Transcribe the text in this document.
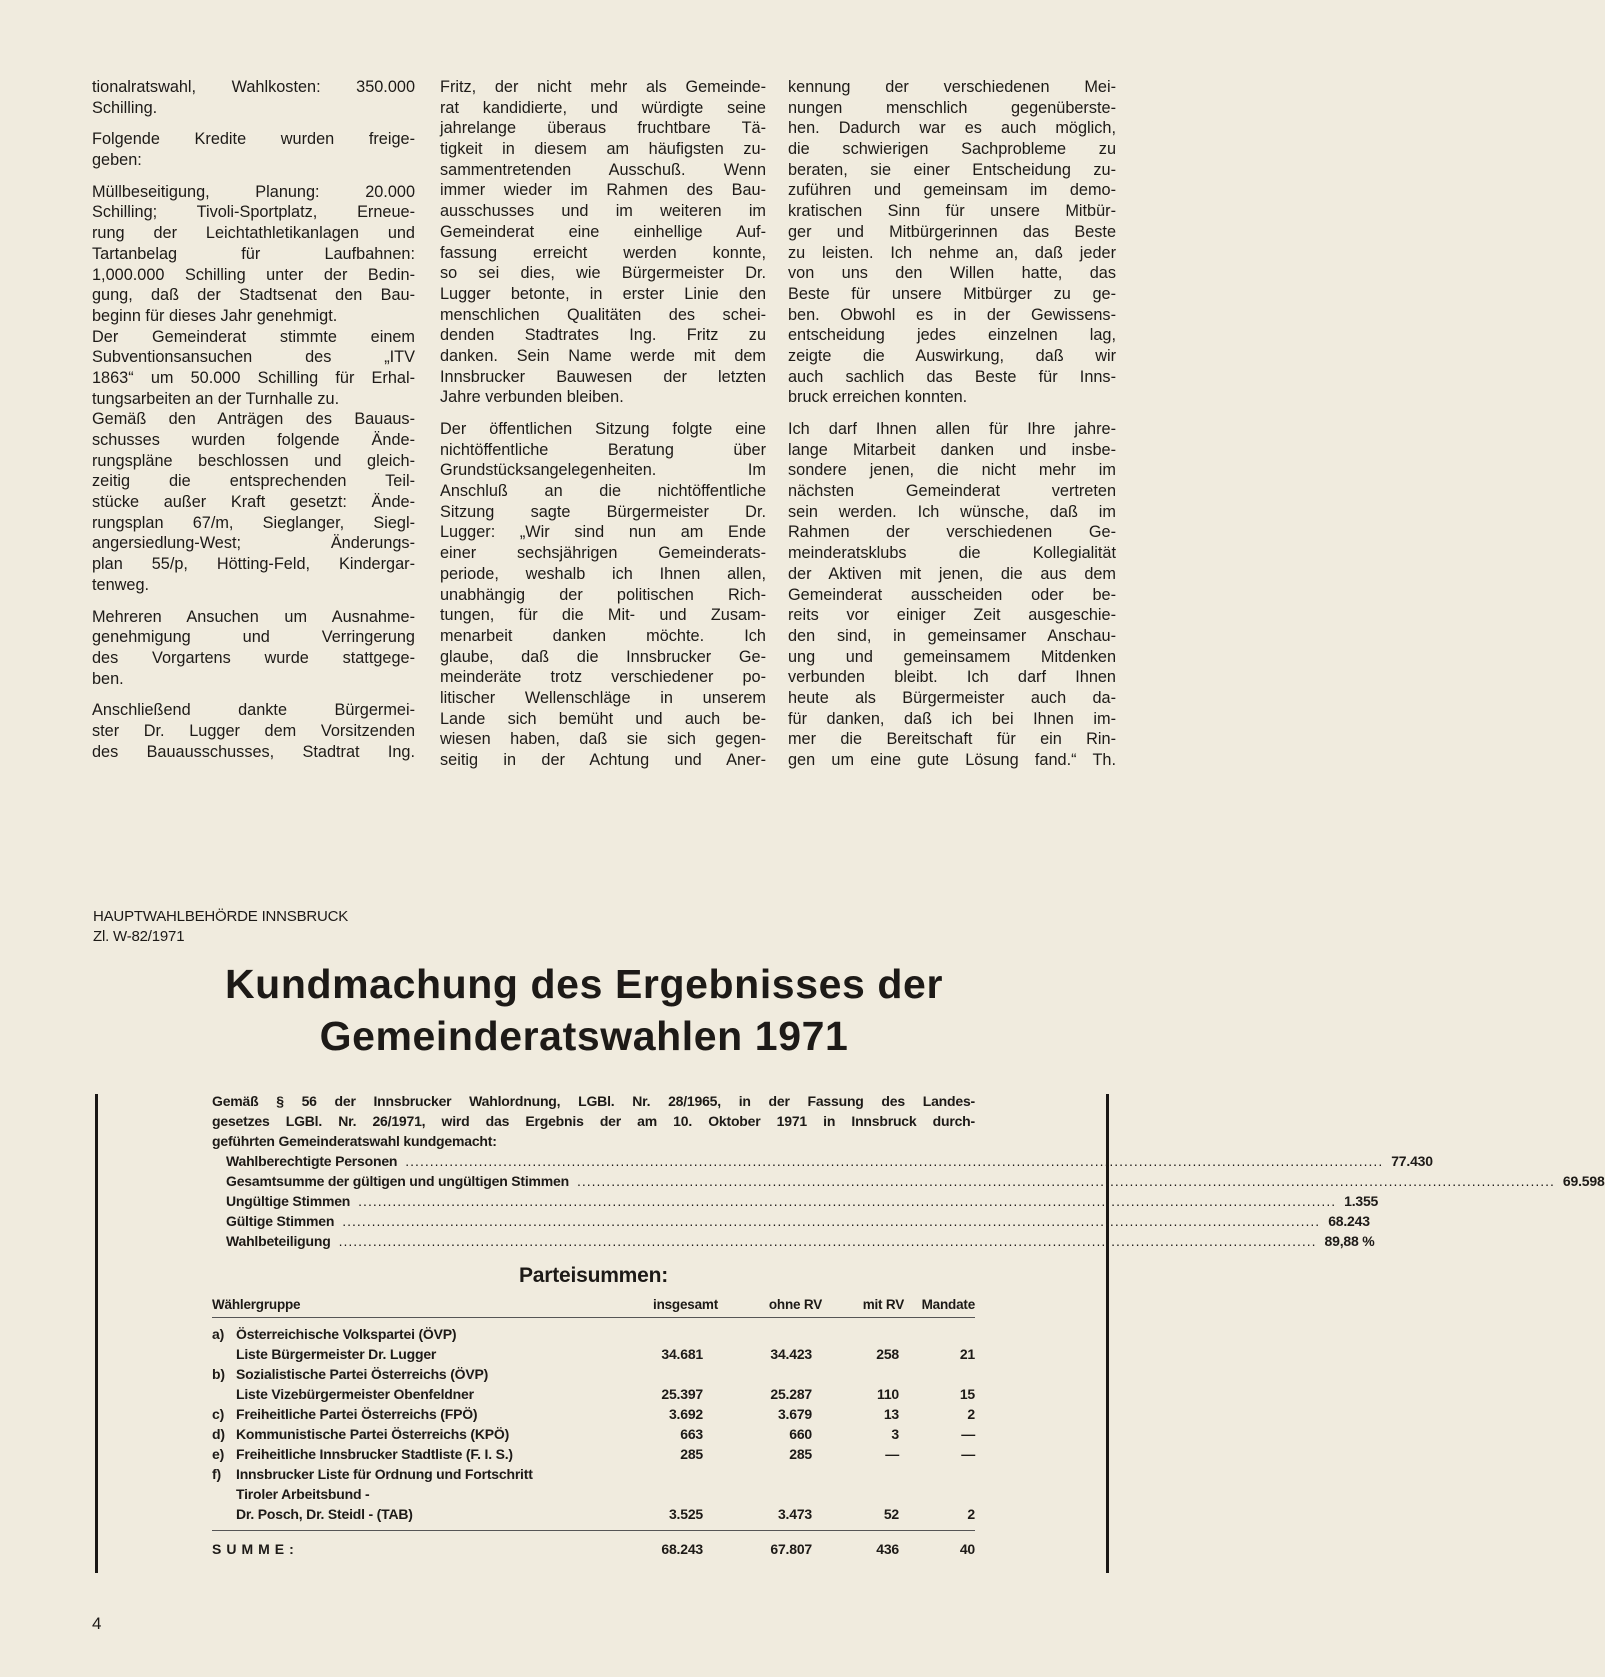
tionalratswahl, Wahlkosten: 350.000
Schilling.
Folgende Kredite wurden freige-
geben:
Müllbeseitigung, Planung: 20.000
Schilling; Tivoli-Sportplatz, Erneue-
rung der Leichtathletikanlagen und
Tartanbelag für Laufbahnen:
1,000.000 Schilling unter der Bedin-
gung, daß der Stadtsenat den Bau-
beginn für dieses Jahr genehmigt.
Der Gemeinderat stimmte einem
Subventionsansuchen des „ITV
1863“ um 50.000 Schilling für Erhal-
tungsarbeiten an der Turnhalle zu.
Gemäß den Anträgen des Bauaus-
schusses wurden folgende Ände-
rungspläne beschlossen und gleich-
zeitig die entsprechenden Teil-
stücke außer Kraft gesetzt: Ände-
rungsplan 67/m, Sieglanger, Siegl-
angersiedlung-West; Änderungs-
plan 55/p, Hötting-Feld, Kindergar-
tenweg.
Mehreren Ansuchen um Ausnahme-
genehmigung und Verringerung
des Vorgartens wurde stattgege-
ben.
Anschließend dankte Bürgermei-
ster Dr. Lugger dem Vorsitzenden
des Bauausschusses, Stadtrat Ing.
Fritz, der nicht mehr als Gemeinde-
rat kandidierte, und würdigte seine
jahrelange überaus fruchtbare Tä-
tigkeit in diesem am häufigsten zu-
sammentretenden Ausschuß. Wenn
immer wieder im Rahmen des Bau-
ausschusses und im weiteren im
Gemeinderat eine einhellige Auf-
fassung erreicht werden konnte,
so sei dies, wie Bürgermeister Dr.
Lugger betonte, in erster Linie den
menschlichen Qualitäten des schei-
denden Stadtrates Ing. Fritz zu
danken. Sein Name werde mit dem
Innsbrucker Bauwesen der letzten
Jahre verbunden bleiben.
Der öffentlichen Sitzung folgte eine
nichtöffentliche Beratung über
Grundstücksangelegenheiten. Im
Anschluß an die nichtöffentliche
Sitzung sagte Bürgermeister Dr.
Lugger: „Wir sind nun am Ende
einer sechsjährigen Gemeinderats-
periode, weshalb ich Ihnen allen,
unabhängig der politischen Rich-
tungen, für die Mit- und Zusam-
menarbeit danken möchte. Ich
glaube, daß die Innsbrucker Ge-
meinderäte trotz verschiedener po-
litischer Wellenschläge in unserem
Lande sich bemüht und auch be-
wiesen haben, daß sie sich gegen-
seitig in der Achtung und Aner-
kennung der verschiedenen Mei-
nungen menschlich gegenüberste-
hen. Dadurch war es auch möglich,
die schwierigen Sachprobleme zu
beraten, sie einer Entscheidung zu-
zuführen und gemeinsam im demo-
kratischen Sinn für unsere Mitbür-
ger und Mitbürgerinnen das Beste
zu leisten. Ich nehme an, daß jeder
von uns den Willen hatte, das
Beste für unsere Mitbürger zu ge-
ben. Obwohl es in der Gewissens-
entscheidung jedes einzelnen lag,
zeigte die Auswirkung, daß wir
auch sachlich das Beste für Inns-
bruck erreichen konnten.
Ich darf Ihnen allen für Ihre jahre-
lange Mitarbeit danken und insbe-
sondere jenen, die nicht mehr im
nächsten Gemeinderat vertreten
sein werden. Ich wünsche, daß im
Rahmen der verschiedenen Ge-
meinderatsklubs die Kollegialität
der Aktiven mit jenen, die aus dem
Gemeinderat ausscheiden oder be-
reits vor einiger Zeit ausgeschie-
den sind, in gemeinsamer Anschau-
ung und gemeinsamem Mitdenken
verbunden bleibt. Ich darf Ihnen
heute als Bürgermeister auch da-
für danken, daß ich bei Ihnen im-
mer die Bereitschaft für ein Rin-
gen um eine gute Lösung fand.“ Th.
HAUPTWAHLBEHÖRDE INNSBRUCK
Zl. W-82/1971
Kundmachung des Ergebnisses der
Gemeinderatswahlen 1971
Gemäß § 56 der Innsbrucker Wahlordnung, LGBl. Nr. 28/1965, in der Fassung des Landes-
gesetzes LGBl. Nr. 26/1971, wird das Ergebnis der am 10. Oktober 1971 in Innsbruck durch-
geführten Gemeinderatswahl kundgemacht:
Wahlberechtigte Personen ........................................................................................................................................................................................................ 77.430
Gesamtsumme der gültigen und ungültigen Stimmen ........................................................................................................................................................................................................ 69.598
Ungültige Stimmen ........................................................................................................................................................................................................ 1.355
Gültige Stimmen ........................................................................................................................................................................................................ 68.243
Wahlbeteiligung ........................................................................................................................................................................................................ 89,88 %
Parteisummen:
Wählergruppe	insgesamt	ohne RV	mit RV	Mandate
a) Österreichische Volkspartei (ÖVP)
Liste Bürgermeister Dr. Lugger	34.681	34.423	258	21
b) Sozialistische Partei Österreichs (ÖVP)
Liste Vizebürgermeister Obenfeldner	25.397	25.287	110	15
c) Freiheitliche Partei Österreichs (FPÖ)	3.692	3.679	13	2
d) Kommunistische Partei Österreichs (KPÖ)	663	660	3	—
e) Freiheitliche Innsbrucker Stadtliste (F. I. S.)	285	285	—	—
f)	Innsbrucker Liste für Ordnung und Fortschritt
Tiroler Arbeitsbund -
Dr. Posch, Dr. Steidl - (TAB)	3.525	3.473	52	2
SUMME:	68.243	67.807	436	40
4
